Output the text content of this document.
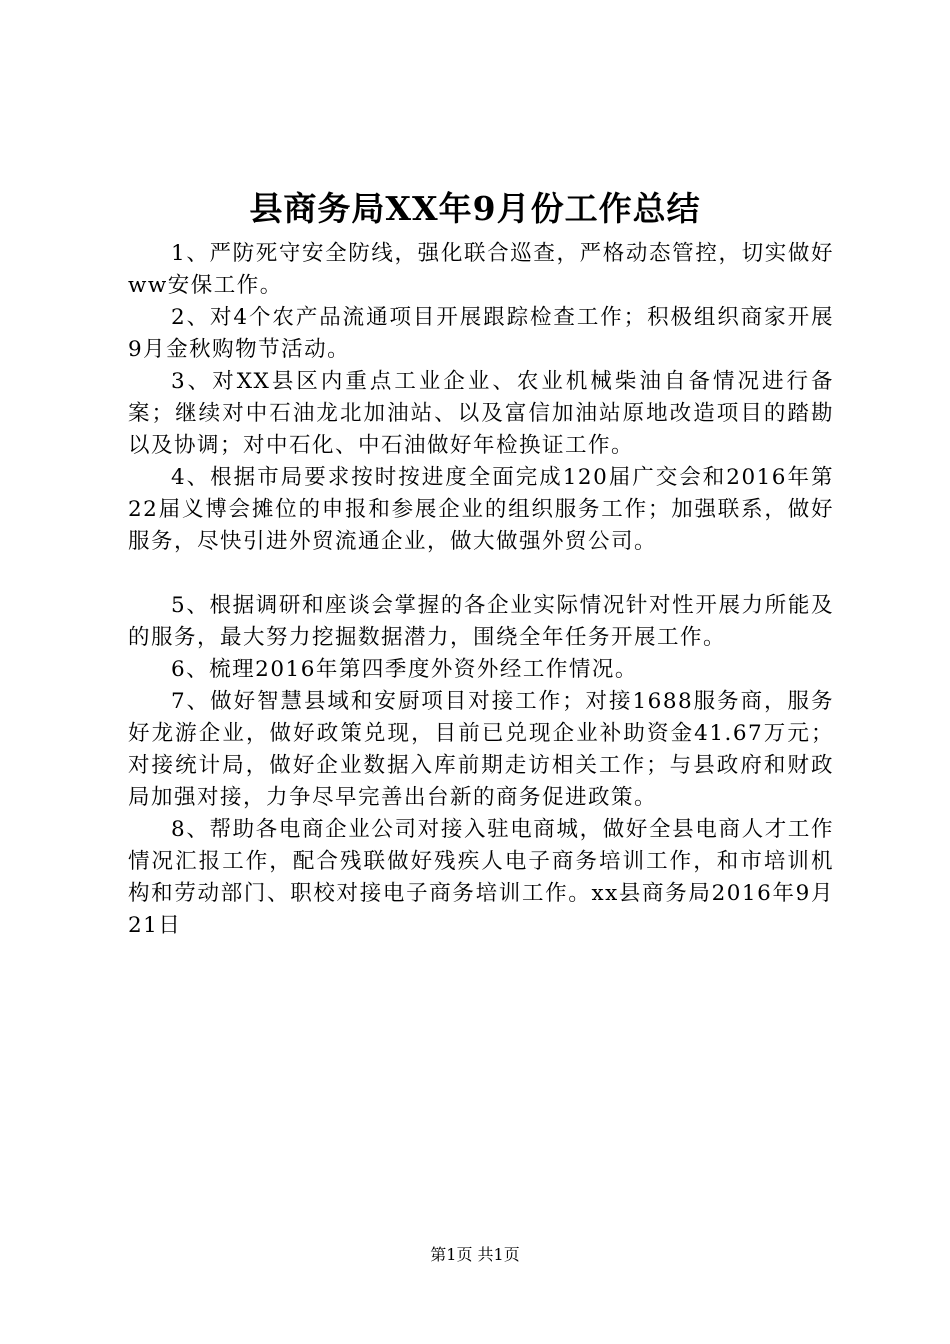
县商务局XX年9月份工作总结

1、严防死守安全防线，强化联合巡查，严格动态管控，切实做好ww安保工作。

2、对4个农产品流通项目开展跟踪检查工作；积极组织商家开展9月金秋购物节活动。

3、对XX县区内重点工业企业、农业机械柴油自备情况进行备案；继续对中石油龙北加油站、以及富信加油站原地改造项目的踏勘以及协调；对中石化、中石油做好年检换证工作。

4、根据市局要求按时按进度全面完成120届广交会和2016年第22届义博会摊位的申报和参展企业的组织服务工作；加强联系，做好服务，尽快引进外贸流通企业，做大做强外贸公司。

5、根据调研和座谈会掌握的各企业实际情况针对性开展力所能及的服务，最大努力挖掘数据潜力，围绕全年任务开展工作。

6、梳理2016年第四季度外资外经工作情况。

7、做好智慧县域和安厨项目对接工作；对接1688服务商，服务好龙游企业，做好政策兑现，目前已兑现企业补助资金41.67万元；对接统计局，做好企业数据入库前期走访相关工作；与县政府和财政局加强对接，力争尽早完善出台新的商务促进政策。

8、帮助各电商企业公司对接入驻电商城，做好全县电商人才工作情况汇报工作，配合残联做好残疾人电子商务培训工作，和市培训机构和劳动部门、职校对接电子商务培训工作。xx县商务局2016年9月21日

第1页 共1页
